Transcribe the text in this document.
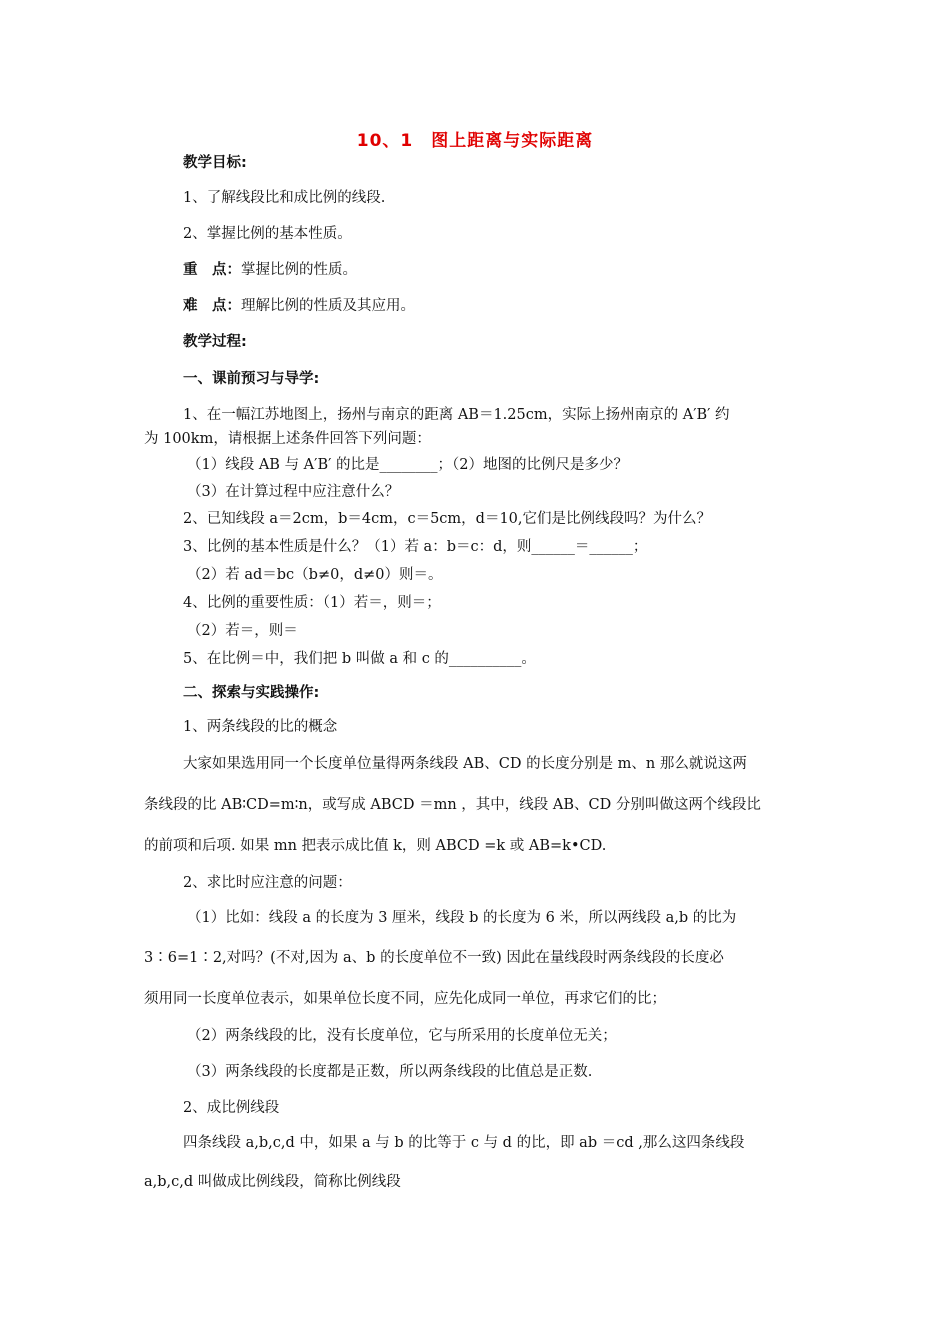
10、1　图上距离与实际距离
教学目标:
1、了解线段比和成比例的线段.
2、掌握比例的基本性质。
重　点：掌握比例的性质。
难　点：理解比例的性质及其应用。
教学过程:
一、课前预习与导学:
1、在一幅江苏地图上，扬州与南京的距离 AB＝1.25cm，实际上扬州南京的 A′B′ 约
为 100km，请根据上述条件回答下列问题：
（1）线段 AB 与 A′B′ 的比是________；（2）地图的比例尺是多少？
（3）在计算过程中应注意什么？
2、已知线段 a＝2cm，b＝4cm，c＝5cm，d＝10,它们是比例线段吗？为什么？
3、比例的基本性质是什么？（1）若 a：b＝c：d，则______＝______；
（2）若 ad＝bc（b≠0，d≠0）则＝。
4、比例的重要性质：（1）若＝，则＝；
（2）若＝，则＝
5、在比例＝中，我们把 b 叫做 a 和 c 的__________。
二、探索与实践操作:
1、两条线段的比的概念
大家如果选用同一个长度单位量得两条线段 AB、CD 的长度分别是 m、n 那么就说这两
条线段的比 AB∶CD=m∶n，或写成 ABCD ＝mn ，其中，线段 AB、CD 分别叫做这两个线段比
的前项和后项. 如果 mn 把表示成比值 k，则 ABCD =k 或 AB=k•CD.
2、求比时应注意的问题：
（1）比如：线段 a 的长度为 3 厘米，线段 b 的长度为 6 米，所以两线段 a,b 的比为
3∶6=1∶2,对吗？(不对,因为 a、b 的长度单位不一致) 因此在量线段时两条线段的长度必
须用同一长度单位表示，如果单位长度不同，应先化成同一单位，再求它们的比；
（2）两条线段的比，没有长度单位，它与所采用的长度单位无关；
（3）两条线段的长度都是正数，所以两条线段的比值总是正数.
2、成比例线段
四条线段 a,b,c,d 中，如果 a 与 b 的比等于 c 与 d 的比，即 ab ＝cd ,那么这四条线段
a,b,c,d 叫做成比例线段，简称比例线段
